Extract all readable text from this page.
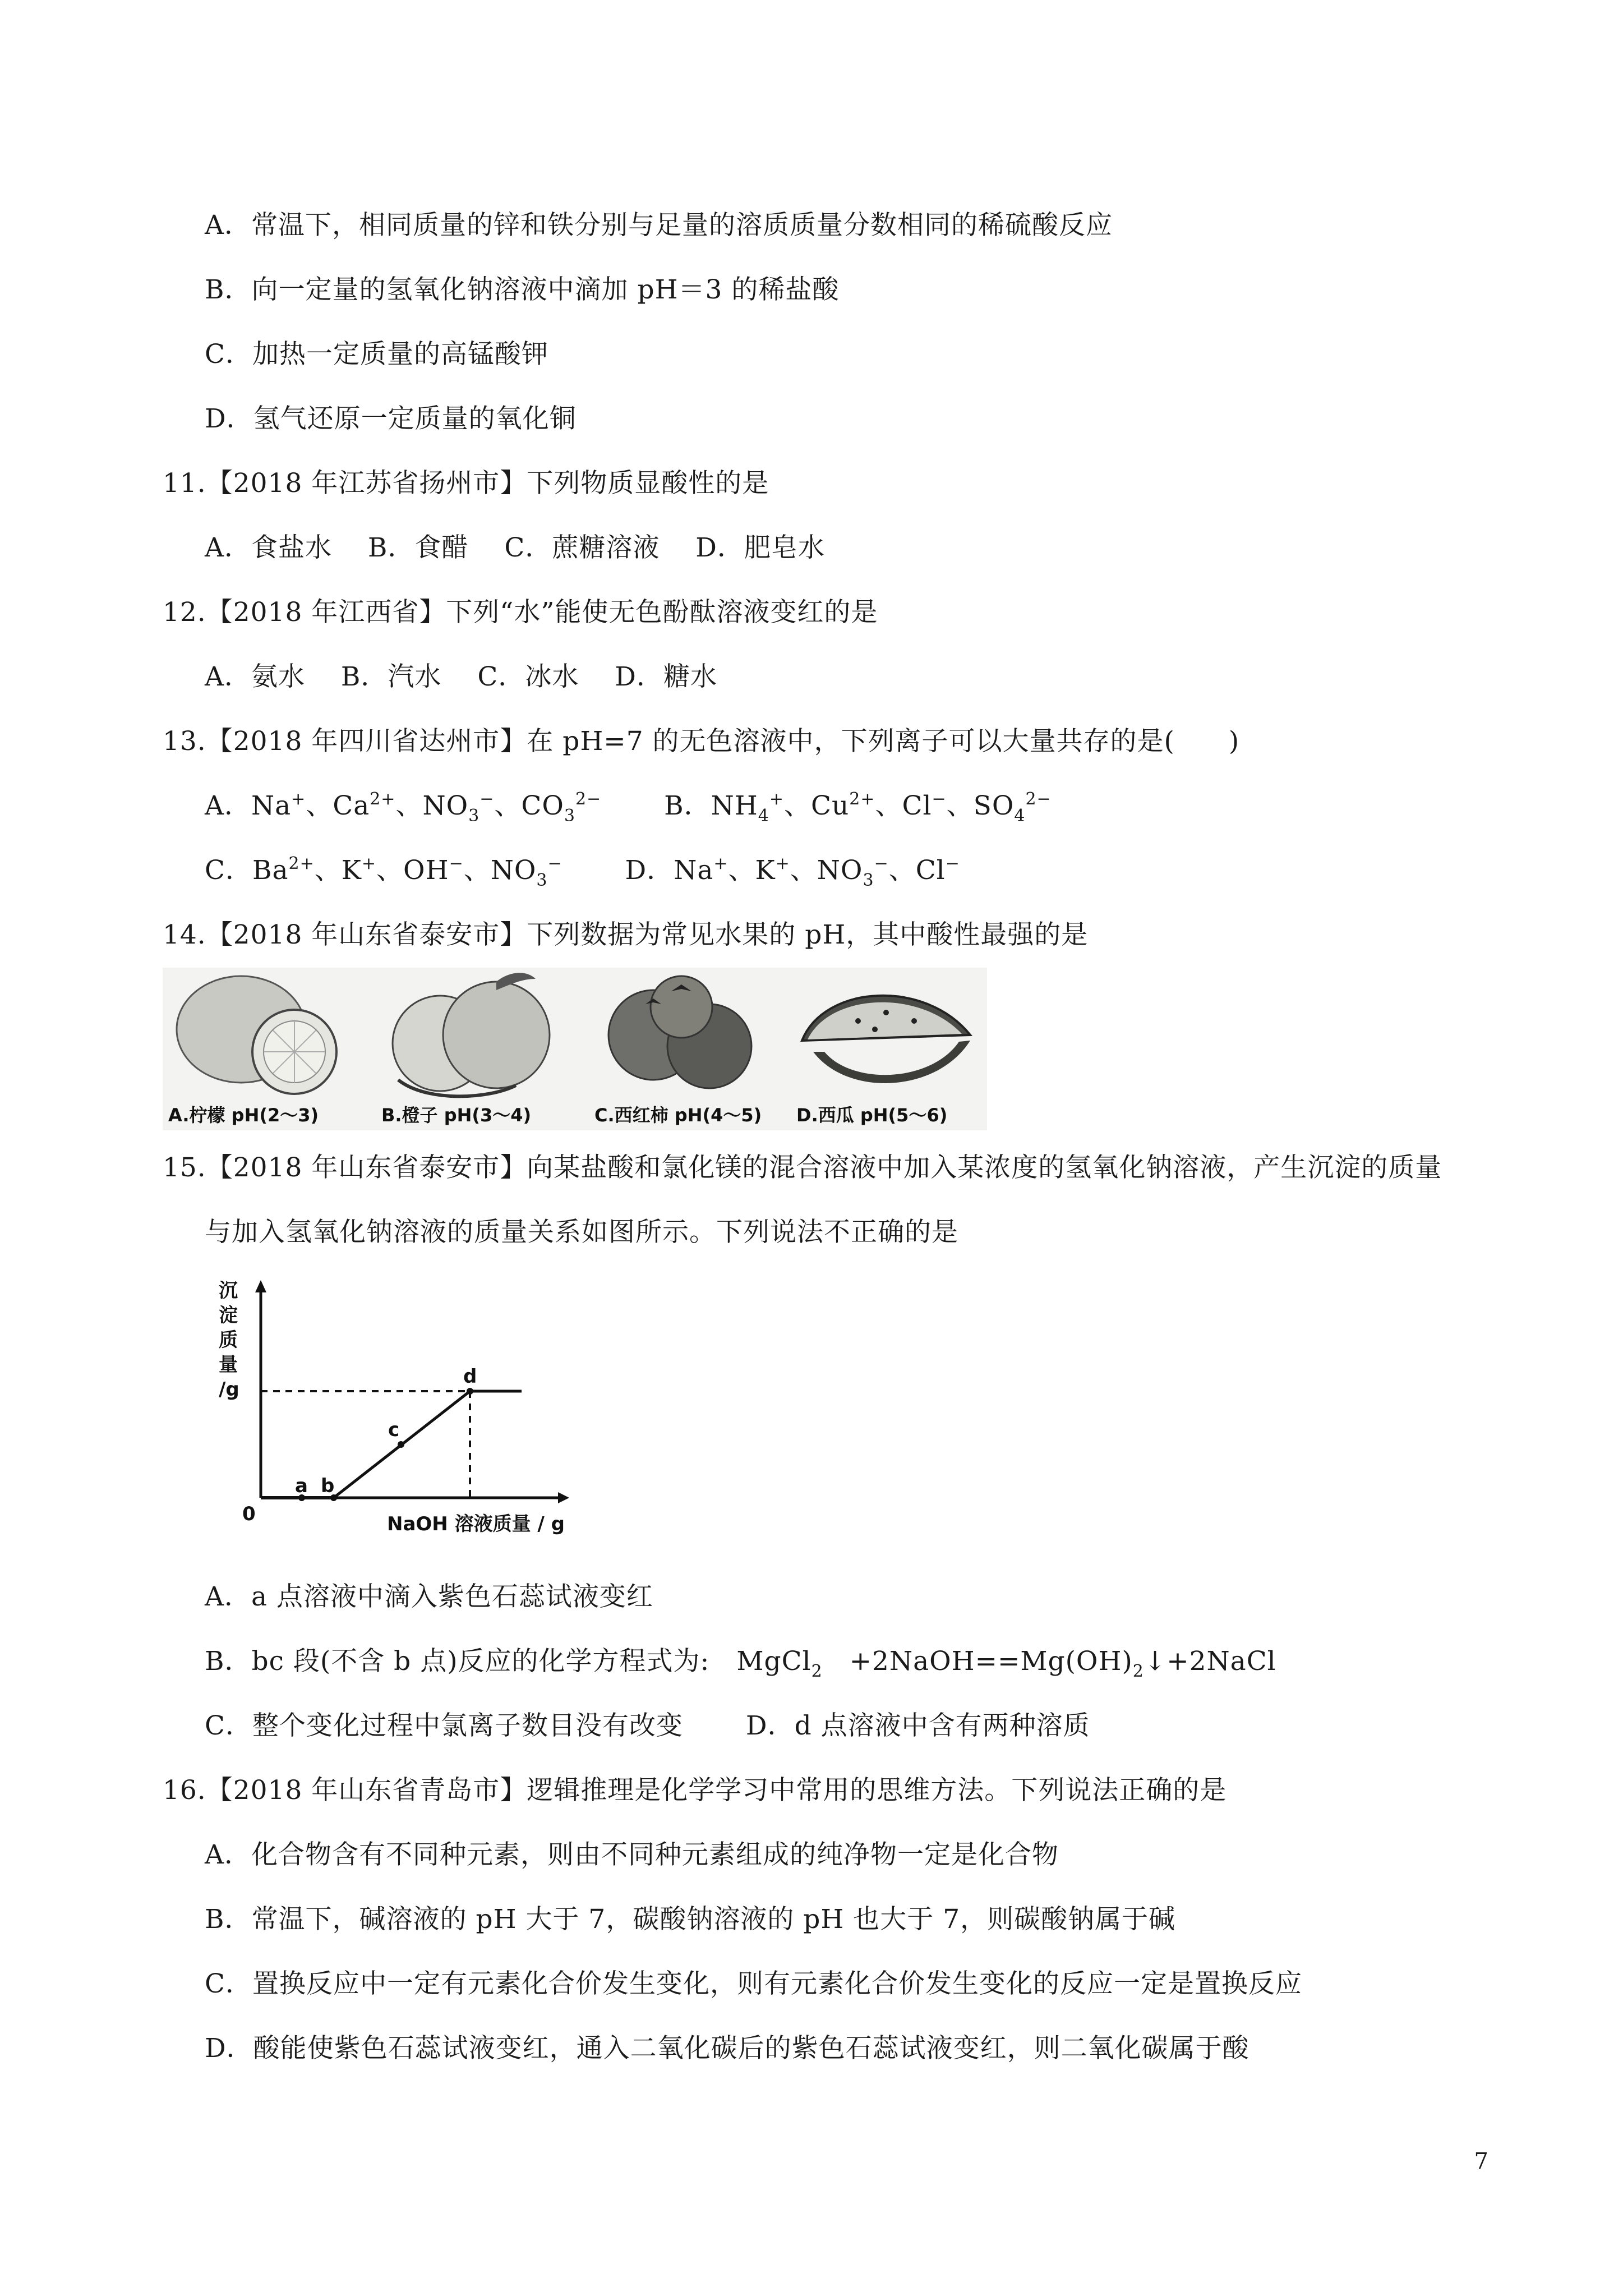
A．常温下，相同质量的锌和铁分别与足量的溶质质量分数相同的稀硫酸反应
B．向一定量的氢氧化钠溶液中滴加 pH＝3 的稀盐酸
C．加热一定质量的高锰酸钾
D．氢气还原一定质量的氧化铜
11.【2018 年江苏省扬州市】下列物质显酸性的是
A．食盐水　 B．食醋　 C．蔗糖溶液　 D．肥皂水
12.【2018 年江西省】下列“水”能使无色酚酞溶液变红的是
A．氨水　 B．汽水　 C．冰水　 D．糖水
13.【2018 年四川省达州市】在 pH=7 的无色溶液中，下列离子可以大量共存的是(　　)
A．Na+、$Ca^{2+}$、$NO_3^-$、$CO_3^{2-}$　　 B．$NH_4^+$、$Cu^{2+}$、Cl−、$SO_4^{2-}$
C．$Ba^{2+}$、K+、OH−、$NO_3^-$　　 D．Na+、K+、$NO_3^-$、Cl−
14.【2018 年山东省泰安市】下列数据为常见水果的 pH，其中酸性最强的是
A.柠檬 pH(2～3)	B.橙子 pH(3～4)	C.西红柿 pH(4～5) D.西瓜 pH(5～6)
15.【2018 年山东省泰安市】向某盐酸和氯化镁的混合溶液中加入某浓度的氢氧化钠溶液，产生沉淀的质量
与加入氢氧化钠溶液的质量关系如图所示。下列说法不正确的是
a b
c
d
0
沉
淀
质
量
/g
NaOH 溶液质量 / g
A．a 点溶液中滴入紫色石蕊试液变红
B．bc 段(不含 b 点)反应的化学方程式为:　MgCl$_2$　$+2NaOH==Mg(OH)_2↓+2NaCl$
C．整个变化过程中氯离子数目没有改变　　 D．d 点溶液中含有两种溶质
16.【2018 年山东省青岛市】逻辑推理是化学学习中常用的思维方法。下列说法正确的是
A．化合物含有不同种元素，则由不同种元素组成的纯净物一定是化合物
B．常温下，碱溶液的 pH 大于 7，碳酸钠溶液的 pH 也大于 7，则碳酸钠属于碱
C．置换反应中一定有元素化合价发生变化，则有元素化合价发生变化的反应一定是置换反应
D．酸能使紫色石蕊试液变红，通入二氧化碳后的紫色石蕊试液变红，则二氧化碳属于酸
7
